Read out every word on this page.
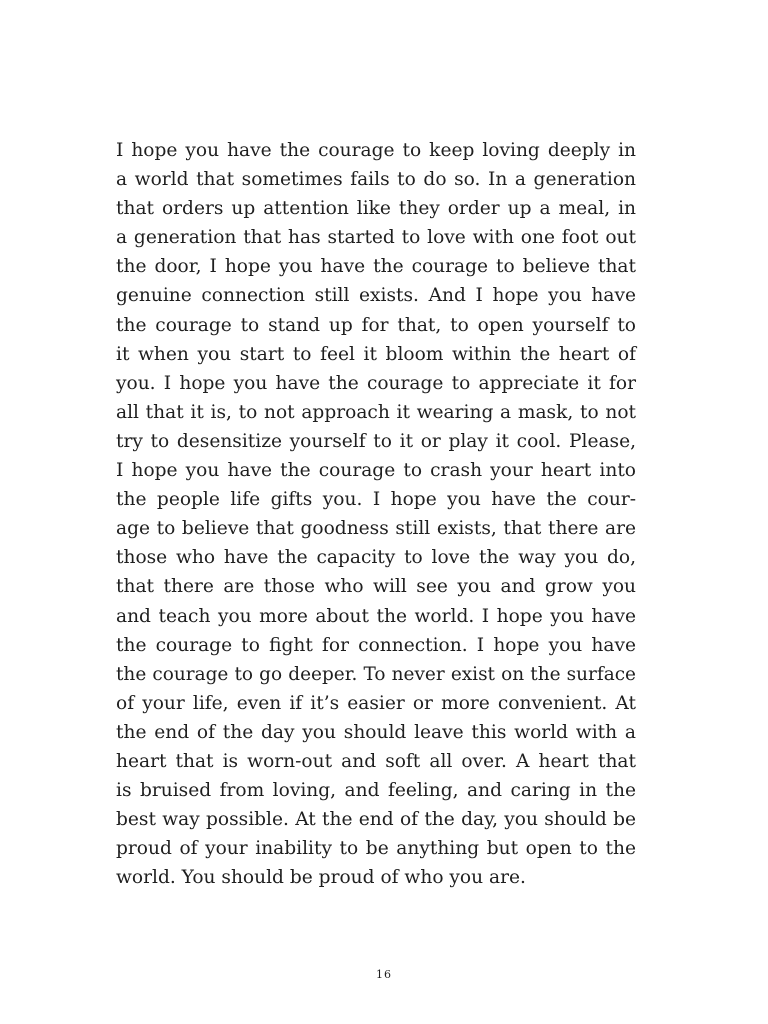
I hope you have the courage to keep loving deeply in
a world that sometimes fails to do so. In a generation
that orders up attention like they order up a meal, in
a generation that has started to love with one foot out
the door, I hope you have the courage to believe that
genuine connection still exists. And I hope you have
the courage to stand up for that, to open yourself to
it when you start to feel it bloom within the heart of
you. I hope you have the courage to appreciate it for
all that it is, to not approach it wearing a mask, to not
try to desensitize yourself to it or play it cool. Please,
I hope you have the courage to crash your heart into
the people life gifts you. I hope you have the cour-
age to believe that goodness still exists, that there are
those who have the capacity to love the way you do,
that there are those who will see you and grow you
and teach you more about the world. I hope you have
the courage to fight for connection. I hope you have
the courage to go deeper. To never exist on the surface
of your life, even if it’s easier or more convenient. At
the end of the day you should leave this world with a
heart that is worn-out and soft all over. A heart that
is bruised from loving, and feeling, and caring in the
best way possible. At the end of the day, you should be
proud of your inability to be anything but open to the
world. You should be proud of who you are.
16
